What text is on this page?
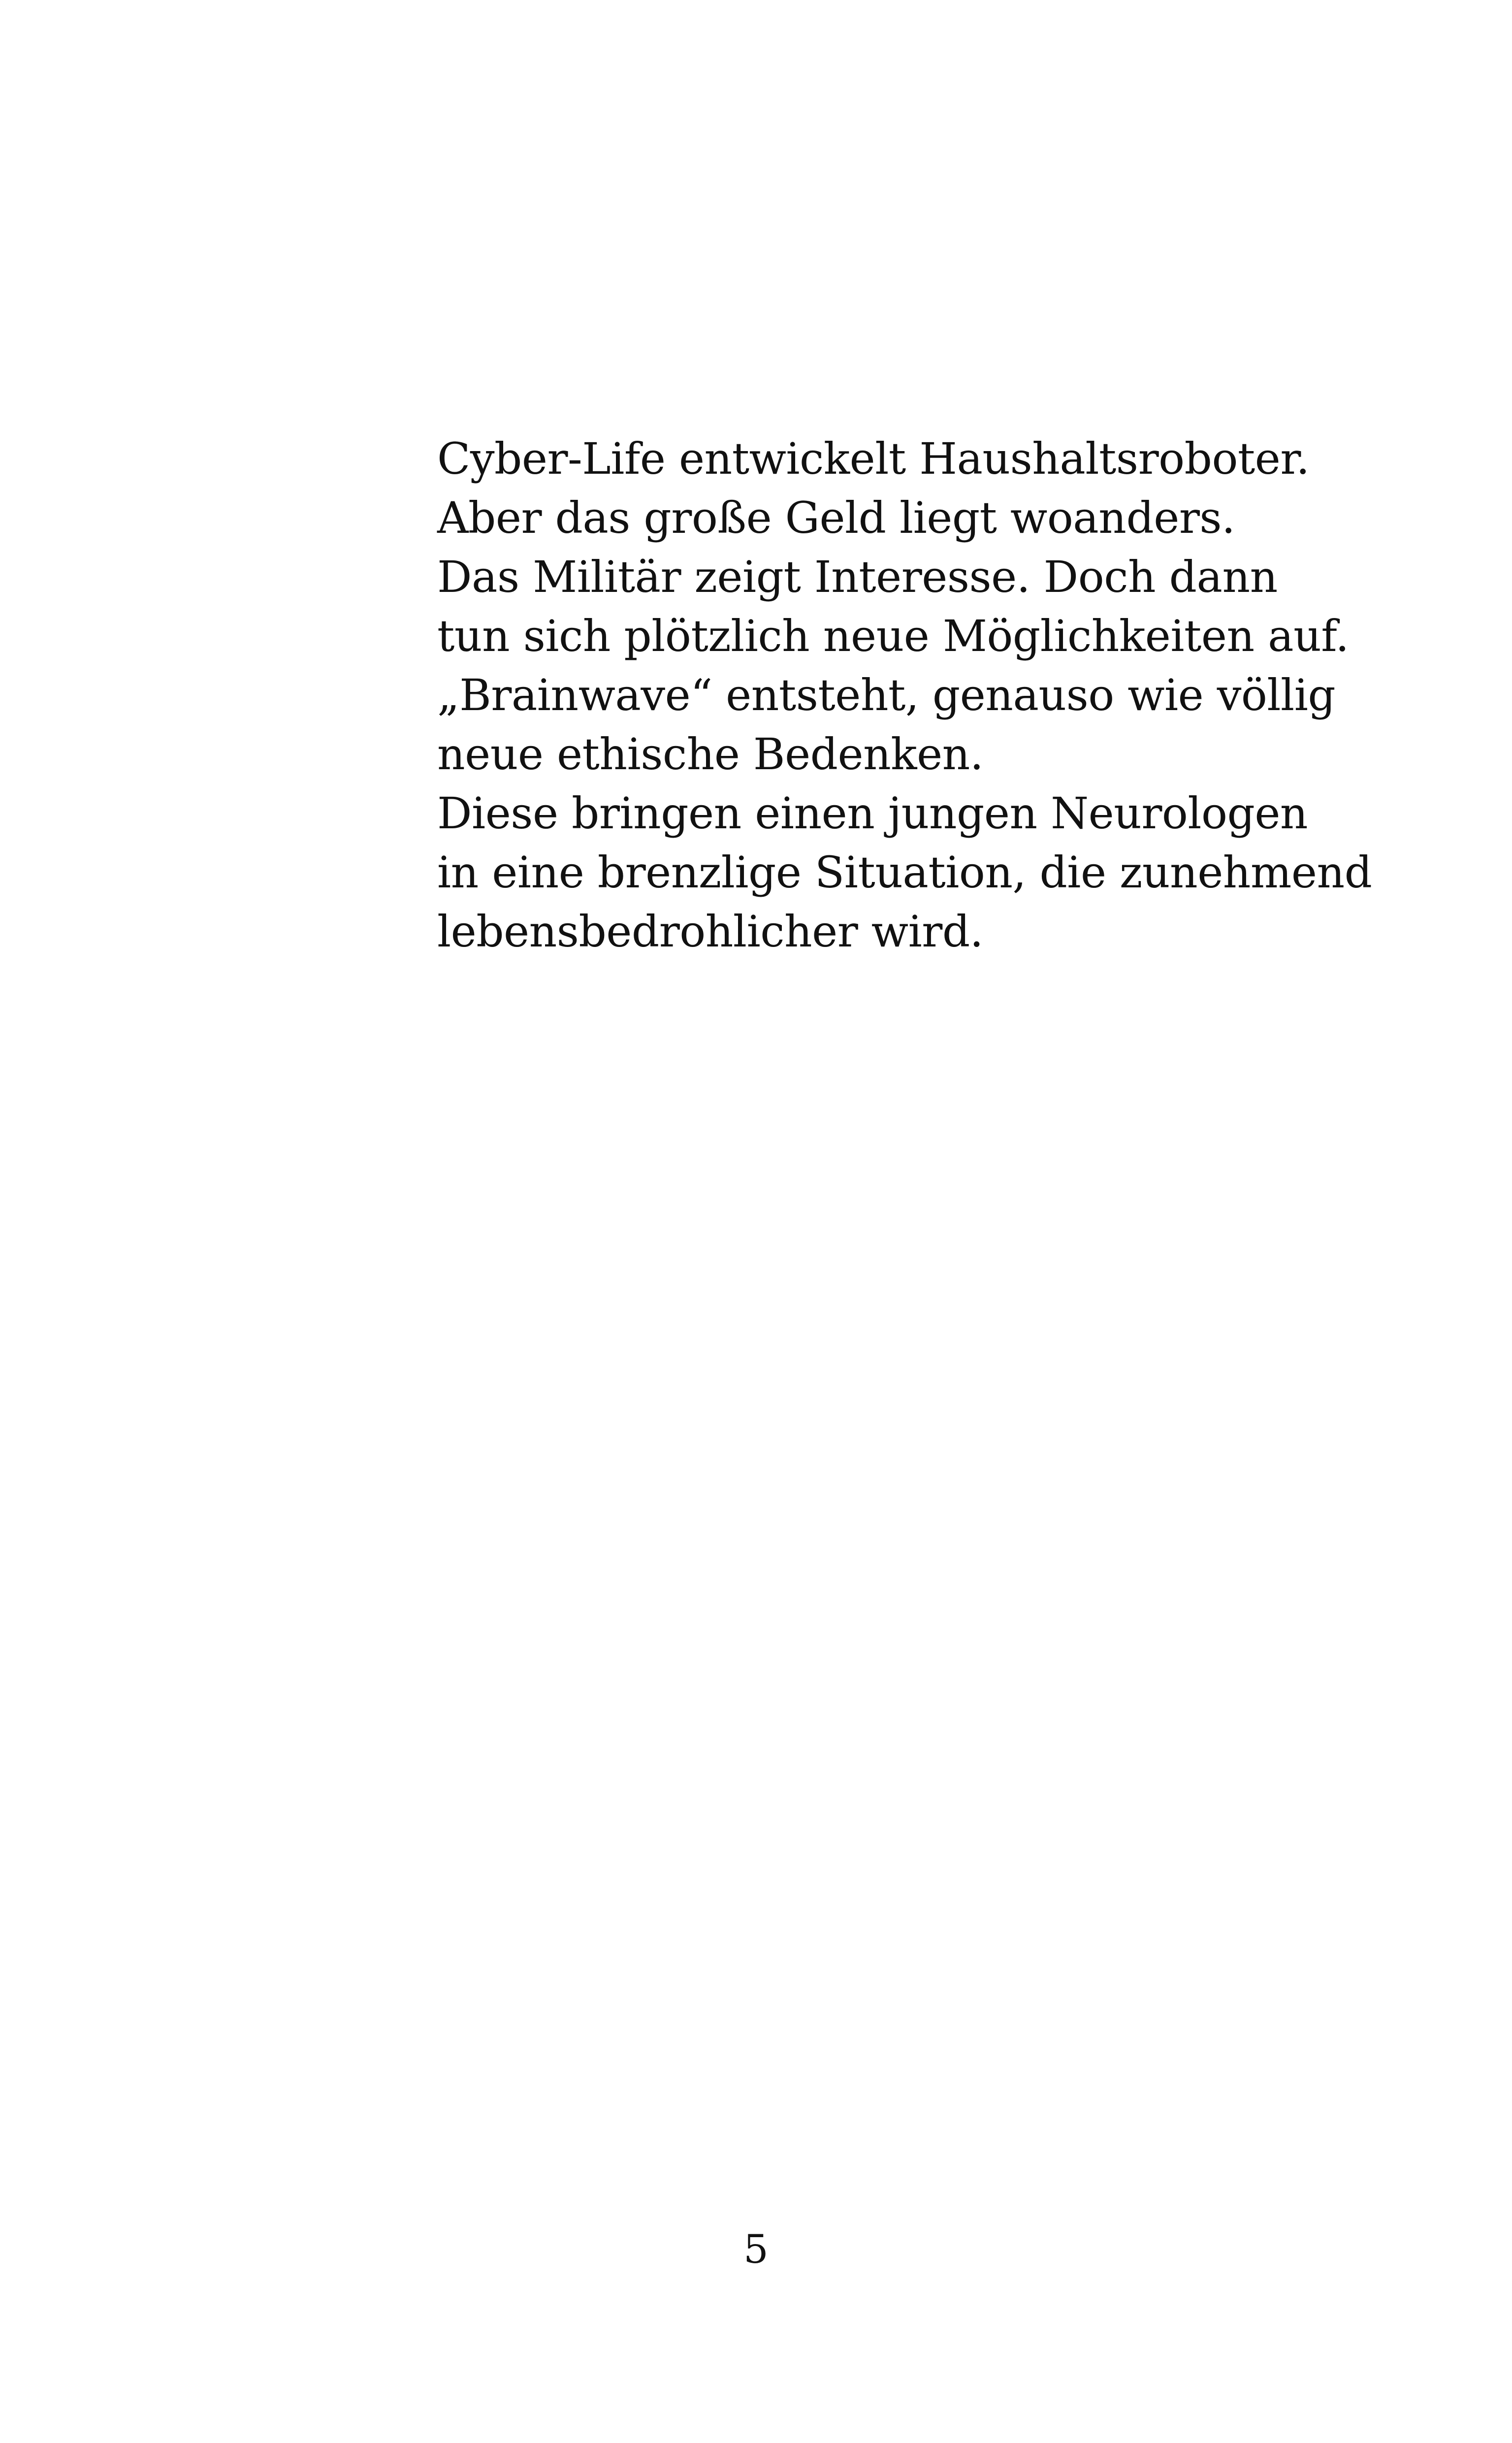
Cyber-Life entwickelt Haushaltsroboter.
Aber das große Geld liegt woanders.
Das Militär zeigt Interesse. Doch dann
tun sich plötzlich neue Möglichkeiten auf.
„Brainwave“ entsteht, genauso wie völlig
neue ethische Bedenken.
Diese bringen einen jungen Neurologen
in eine brenzlige Situation, die zunehmend
lebensbedrohlicher wird.
5
